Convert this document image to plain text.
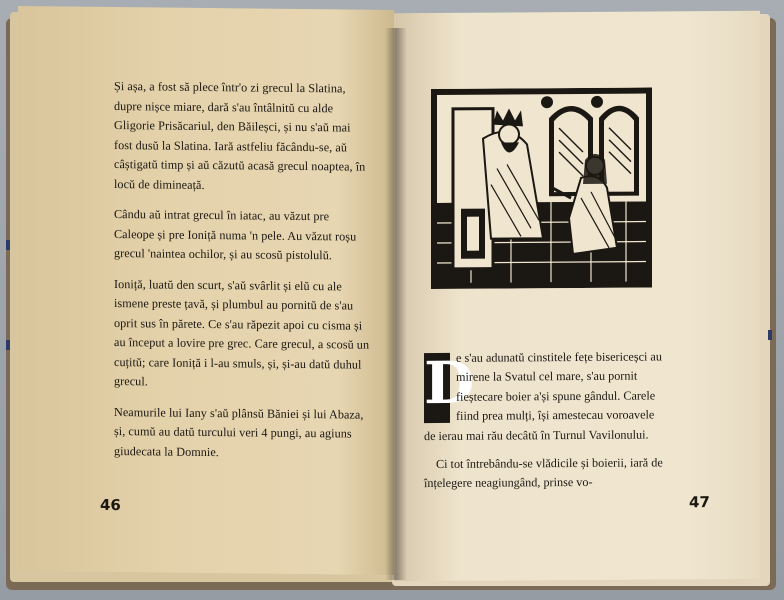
Și așa, a fost să plece într'o zi grecul la Slatina, dupre nișce miare, dară s'au întâlnitŭ cu alde Gligorie Prisăcariul, den Băileșci, și nu s'aŭ mai fost dusŭ la Slatina. Iară astfeliu făcându-se, aŭ câștigatŭ timp și aŭ căzutŭ acasă grecul noaptea, în locŭ de dimineață.

Cându aŭ intrat grecul în iatac, au văzut pre Caleope și pre Ioniță numa 'n pele. Au văzut roșu grecul 'naintea ochilor, și au scosŭ pistolulŭ.

Ioniță, luatŭ den scurt, s'aŭ svârlit și elŭ cu ale ismene preste țavă, și plumbul au pornitŭ de s'au oprit sus în părete. Ce s'au răpezit apoi cu cisma și au început a lovire pre grec. Care grecul, a scosŭ un cuțitŭ; care Ioniță i l-au smuls, și, și-au datŭ duhul grecul.

Neamurile lui Iany s'aŭ plânsŭ Băniei și lui Abaza, și, cumŭ au datŭ turcului veri 4 pungi, au agiuns giudecata la Domnie.

46

D
e s'au adunatŭ cinstitele fețe bisericeșci au mirene la Svatul cel mare, s'au pornit fieștecare boier a'și spune gândul. Carele fiind prea mulți, își amestecau voroavele de ierau mai rău decâtŭ în Turnul Vavilonului.

Ci tot întrebându-se vlădicile și boierii, iară de înțelegere neagiungând, prinse vo-

47
